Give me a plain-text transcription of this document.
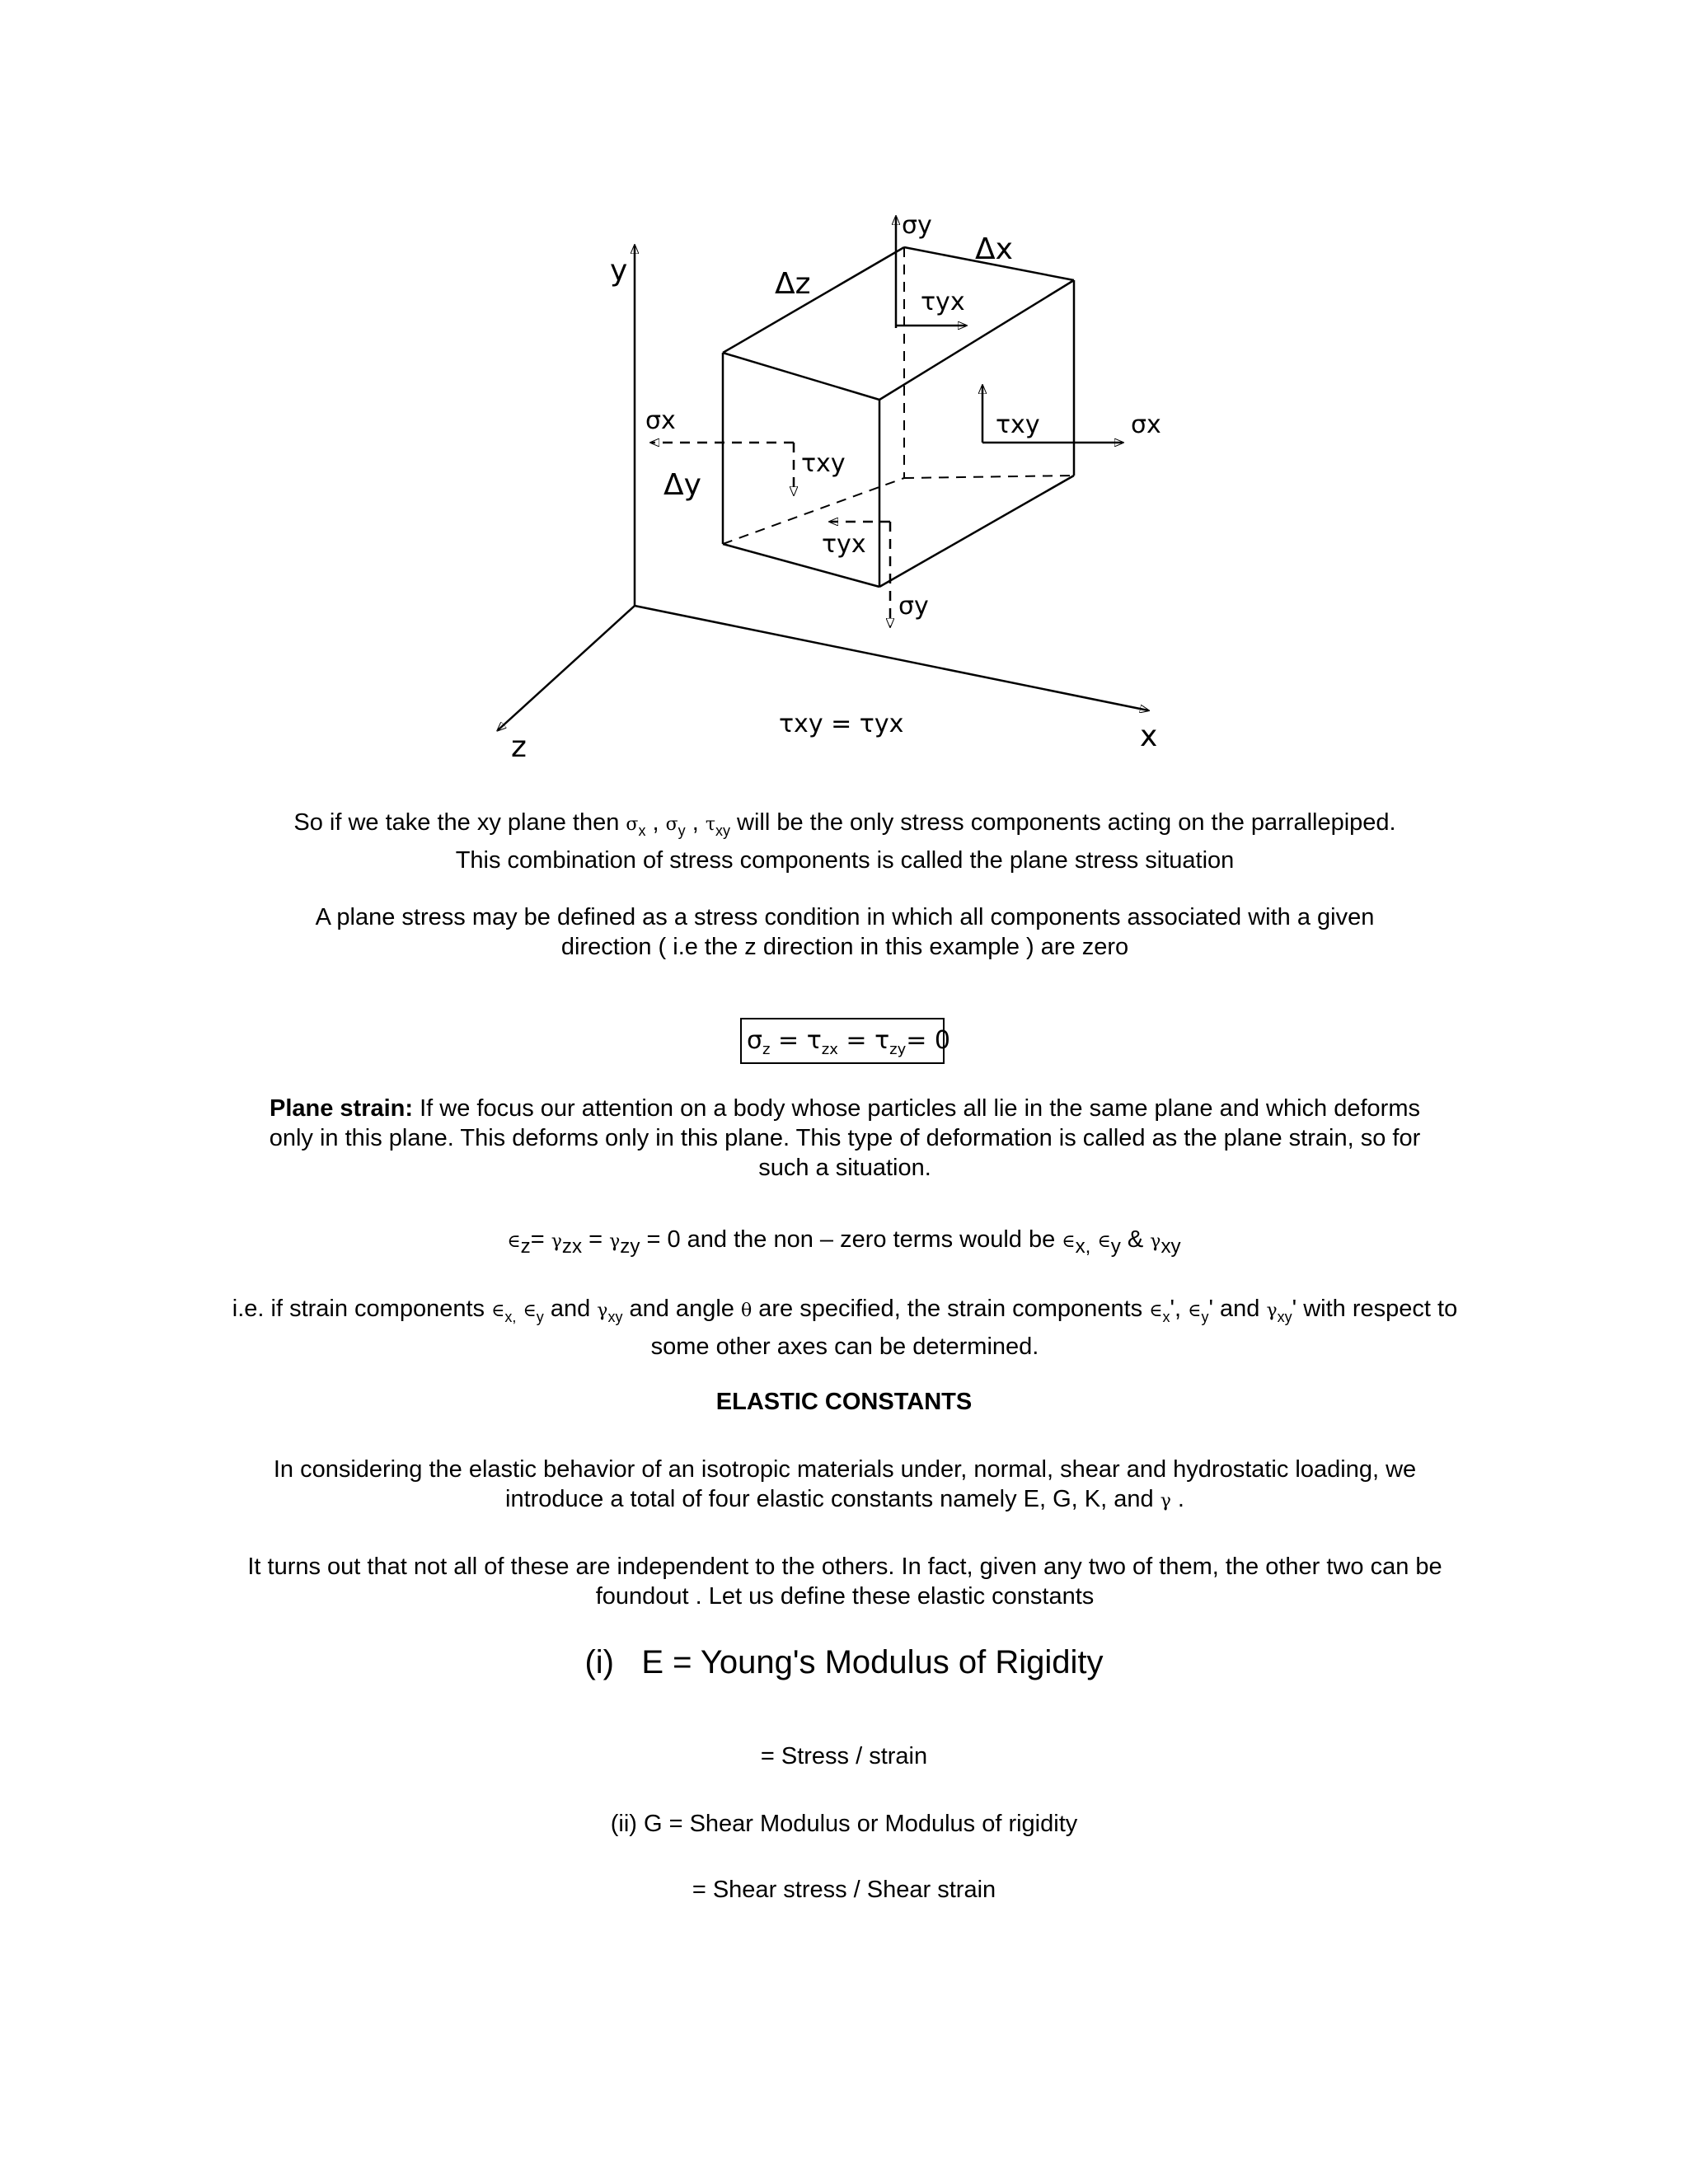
y
x
z
Δz
Δx
Δy
σy
τyx
σx	σx
τxy
τxy
τyx
σy
τxy = τyx
So if we take the xy plane then $\sigma_x$ , $\sigma_y$ , $\tau_{xy}$ will be the only stress components acting on the parrallepiped.
This combination of stress components is called the plane stress situation

A plane stress may be defined as a stress condition in which all components associated with a given direction ( i.e the z direction in this example ) are zero

$\sigma_z = \tau_{zx} = \tau_{zy}= 0$

Plane strain: If we focus our attention on a body whose particles all lie in the same plane and which deforms only in this plane. This deforms only in this plane. This type of deformation is called as the plane strain, so for such a situation.

$\in_z= \gamma_{zx} = \gamma_{zy} = 0$ and the non – zero terms would be $\in_{x,}$ $\in_y$ & $\gamma_{xy}$

i.e. if strain components $\in_{x,}$ $\in_y$ and $\gamma_{xy}$ and angle θ are specified, the strain components $\in_x'$, $\in_y'$ and $\gamma_{xy}'$ with respect to some other axes can be determined.

ELASTIC CONSTANTS

In considering the elastic behavior of an isotropic materials under, normal, shear and hydrostatic loading, we introduce a total of four elastic constants namely E, G, K, and γ .

It turns out that not all of these are independent to the others. In fact, given any two of them, the other two can be foundout . Let us define these elastic constants

(i)   E = Young's Modulus of Rigidity

= Stress / strain

(ii) G = Shear Modulus or Modulus of rigidity

= Shear stress / Shear strain
